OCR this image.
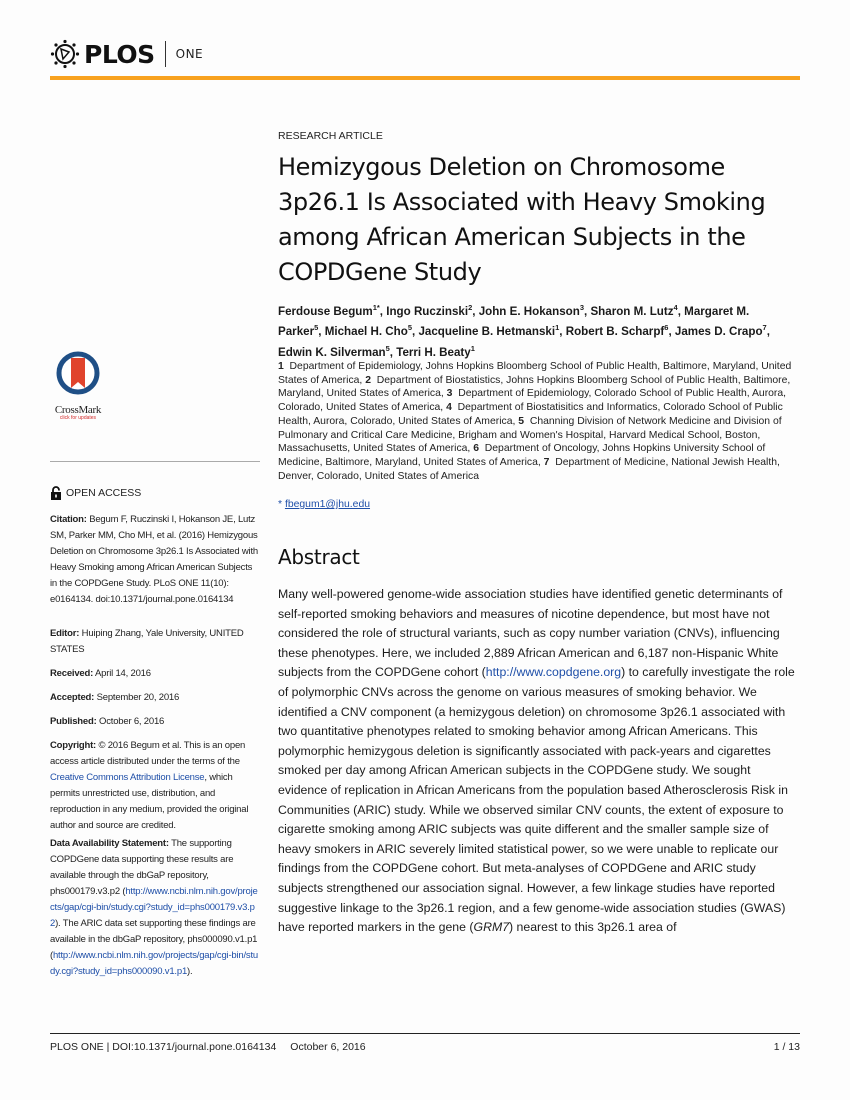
PLOS ONE
CrossMark
click for updates
OPEN ACCESS
Citation: Begum F, Ruczinski I, Hokanson JE, Lutz SM, Parker MM, Cho MH, et al. (2016) Hemizygous Deletion on Chromosome 3p26.1 Is Associated with Heavy Smoking among African American Subjects in the COPDGene Study. PLoS ONE 11(10): e0164134. doi:10.1371/journal.pone.0164134
Editor: Huiping Zhang, Yale University, UNITED STATES
Received: April 14, 2016
Accepted: September 20, 2016
Published: October 6, 2016
Copyright: © 2016 Begum et al. This is an open access article distributed under the terms of the Creative Commons Attribution License, which permits unrestricted use, distribution, and reproduction in any medium, provided the original author and source are credited.
Data Availability Statement: The supporting COPDGene data supporting these results are available through the dbGaP repository, phs000179.v3.p2 (http://www.ncbi.nlm.nih.gov/projects/gap/cgi-bin/study.cgi?study_id=phs000179.v3.p2). The ARIC data set supporting these findings are available in the dbGaP repository, phs000090.v1.p1 (http://www.ncbi.nlm.nih.gov/projects/gap/cgi-bin/study.cgi?study_id=phs000090.v1.p1).
RESEARCH ARTICLE
Hemizygous Deletion on Chromosome 3p26.1 Is Associated with Heavy Smoking among African American Subjects in the COPDGene Study
Ferdouse Begum$^{1*}$, Ingo Ruczinski$^2$, John E. Hokanson$^3$, Sharon M. Lutz$^4$, Margaret M. Parker$^5$, Michael H. Cho$^5$, Jacqueline B. Hetmanski$^1$, Robert B. Scharpf$^6$, James D. Crapo$^7$, Edwin K. Silverman$^5$, Terri H. Beaty$^1$
1  Department of Epidemiology, Johns Hopkins Bloomberg School of Public Health, Baltimore, Maryland, United States of America, 2  Department of Biostatistics, Johns Hopkins Bloomberg School of Public Health, Baltimore, Maryland, United States of America, 3  Department of Epidemiology, Colorado School of Public Health, Aurora, Colorado, United States of America, 4  Department of Biostatisitics and Informatics, Colorado School of Public Health, Aurora, Colorado, United States of America, 5  Channing Division of Network Medicine and Division of Pulmonary and Critical Care Medicine, Brigham and Women's Hospital, Harvard Medical School, Boston, Massachusetts, United States of America, 6  Department of Oncology, Johns Hopkins University School of Medicine, Baltimore, Maryland, United States of America, 7  Department of Medicine, National Jewish Health, Denver, Colorado, United States of America
* fbegum1@jhu.edu
Abstract
Many well-powered genome-wide association studies have identified genetic determinants of self-reported smoking behaviors and measures of nicotine dependence, but most have not considered the role of structural variants, such as copy number variation (CNVs), influencing these phenotypes. Here, we included 2,889 African American and 6,187 non-Hispanic White subjects from the COPDGene cohort (http://www.copdgene.org) to carefully investigate the role of polymorphic CNVs across the genome on various measures of smoking behavior. We identified a CNV component (a hemizygous deletion) on chromosome 3p26.1 associated with two quantitative phenotypes related to smoking behavior among African Americans. This polymorphic hemizygous deletion is significantly associated with pack-years and cigarettes smoked per day among African American subjects in the COPDGene study. We sought evidence of replication in African Americans from the population based Atherosclerosis Risk in Communities (ARIC) study. While we observed similar CNV counts, the extent of exposure to cigarette smoking among ARIC subjects was quite different and the smaller sample size of heavy smokers in ARIC severely limited statistical power, so we were unable to replicate our findings from the COPDGene cohort. But meta-analyses of COPDGene and ARIC study subjects strengthened our association signal. However, a few linkage studies have reported suggestive linkage to the 3p26.1 region, and a few genome-wide association studies (GWAS) have reported markers in the gene (GRM7) nearest to this 3p26.1 area of
PLOS ONE | DOI:10.1371/journal.pone.0164134 October 6, 2016	1 / 13
